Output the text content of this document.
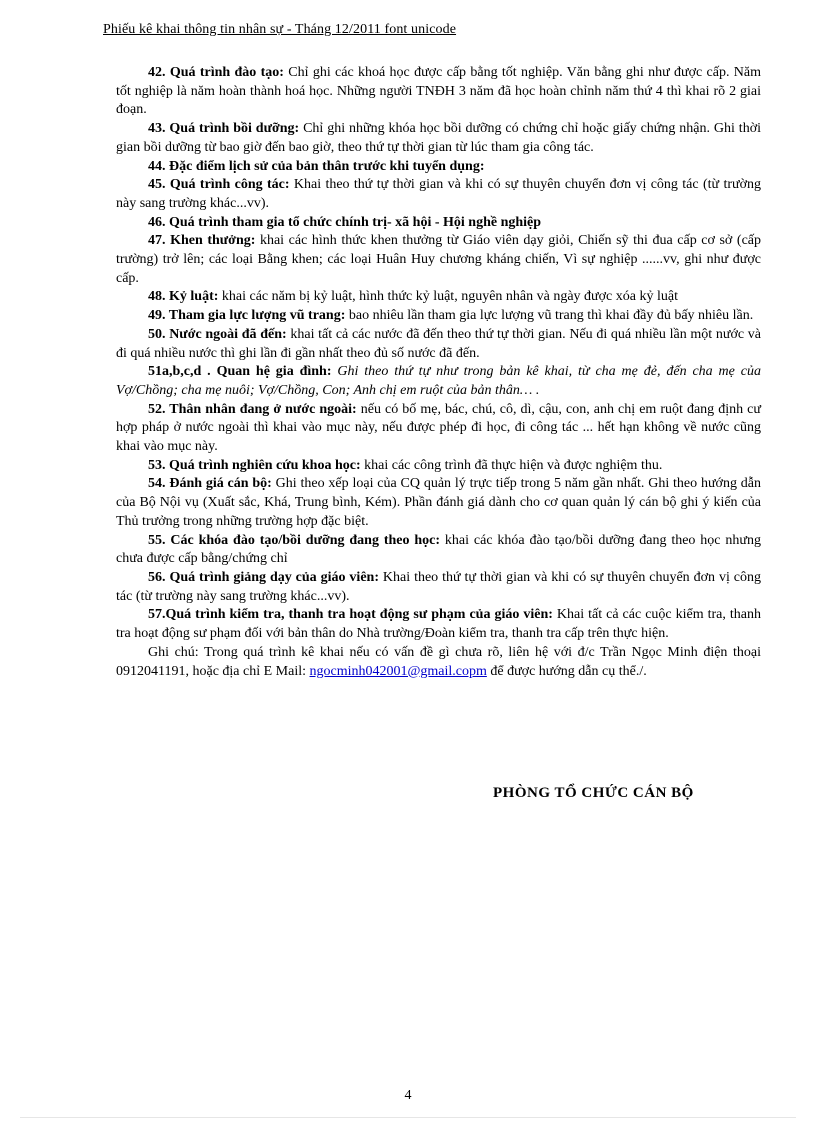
Phiếu kê khai thông tin nhân sự - Tháng 12/2011 font unicode

42. Quá trình đào tạo: Chỉ ghi các khoá học được cấp bằng tốt nghiệp. Văn bằng ghi như được cấp. Năm tốt nghiệp là năm hoàn thành hoá học. Những người TNĐH 3 năm đã học hoàn chỉnh năm thứ 4 thì khai rõ 2 giai đoạn.

43. Quá trình bồi dưỡng: Chỉ ghi những khóa học bồi dưỡng có chứng chỉ hoặc giấy chứng nhận. Ghi thời gian bồi dưỡng từ bao giờ đến bao giờ, theo thứ tự thời gian từ lúc tham gia công tác.

44. Đặc điểm lịch sử của bản thân trước khi tuyển dụng:

45. Quá trình công tác: Khai theo thứ tự thời gian và khi có sự thuyên chuyển đơn vị công tác (từ trường này sang trường khác...vv).

46. Quá trình tham gia tổ chức chính trị- xã hội - Hội nghề nghiệp

47. Khen thưởng: khai các hình thức khen thưởng từ Giáo viên dạy giỏi, Chiến sỹ thi đua cấp cơ sở (cấp trường) trở lên; các loại Bằng khen; các loại Huân Huy chương kháng chiến, Vì sự nghiệp ......vv, ghi như được cấp.

48. Kỷ luật: khai các năm bị kỷ luật, hình thức kỷ luật, nguyên nhân và ngày được xóa kỷ luật

49. Tham gia lực lượng vũ trang: bao nhiêu lần tham gia lực lượng vũ trang thì khai đầy đủ bấy nhiêu lần.

50. Nước ngoài đã đến: khai tất cả các nước đã đến theo thứ tự thời gian. Nếu đi quá nhiều lần một nước và đi quá nhiều nước thì ghi lần đi gần nhất theo đủ số nước đã đến.

51a,b,c,d . Quan hệ gia đình: Ghi theo thứ tự như trong bản kê khai, từ cha mẹ đẻ, đến cha mẹ của Vợ/Chồng; cha mẹ nuôi; Vợ/Chồng, Con; Anh chị em ruột của bản thân… .

52. Thân nhân đang ở nước ngoài: nếu có bố mẹ, bác, chú, cô, dì, cậu, con, anh chị em ruột đang định cư hợp pháp ở nước ngoài thì khai vào mục này, nếu được phép đi học, đi công tác ... hết hạn không về nước cũng khai vào mục này.

53. Quá trình nghiên cứu khoa học: khai các công trình đã thực hiện và được nghiệm thu.

54. Đánh giá cán bộ: Ghi theo xếp loại của CQ quản lý trực tiếp trong 5 năm gần nhất. Ghi theo hướng dẫn của Bộ Nội vụ (Xuất sắc, Khá, Trung bình, Kém). Phần đánh giá dành cho cơ quan quản lý cán bộ ghi ý kiến của Thủ trưởng trong những trường hợp đặc biệt.

55. Các khóa đào tạo/bồi dưỡng đang theo học: khai các khóa đào tạo/bồi dưỡng đang theo học nhưng chưa được cấp bằng/chứng chỉ

56. Quá trình giảng dạy của giáo viên: Khai theo thứ tự thời gian và khi có sự thuyên chuyển đơn vị công tác (từ trường này sang trường khác...vv).

57.Quá trình kiểm tra, thanh tra hoạt động sư phạm của giáo viên: Khai tất cả các cuộc kiểm tra, thanh tra hoạt động sư phạm đối với bản thân do Nhà trường/Đoàn kiểm tra, thanh tra cấp trên thực hiện.

Ghi chú: Trong quá trình kê khai nếu có vấn đề gì chưa rõ, liên hệ với đ/c Trần Ngọc Minh điện thoại 0912041191, hoặc địa chỉ E Mail: ngocminh042001@gmail.copm để được hướng dẫn cụ thể./.

PHÒNG TỔ CHỨC CÁN BỘ
4
